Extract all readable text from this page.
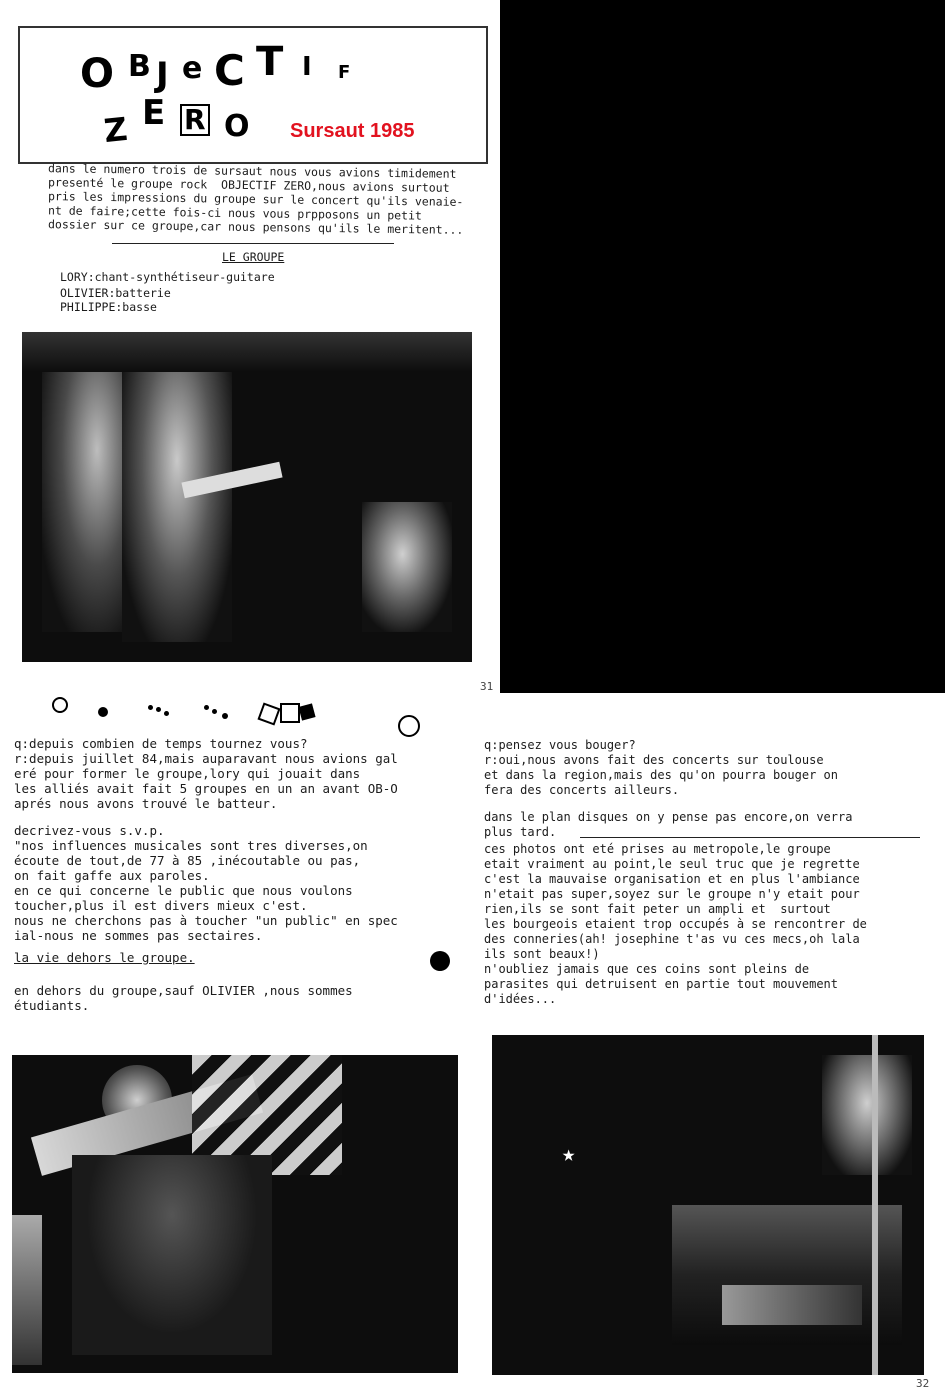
O B J e C T I F
Z E R O Sursaut 1985
dans le numero trois de sursaut nous vous avions timidement
presenté le groupe rock  OBJECTIF ZERO,nous avions surtout
pris les impressions du groupe sur le concert qu'ils venaie-
nt de faire;cette fois-ci nous vous prpposons un petit
dossier sur ce groupe,car nous pensons qu'ils le meritent...
LE GROUPE
LORY:chant-synthétiseur-guitare
OLIVIER:batterie
PHILIPPE:basse
31
q:depuis combien de temps tournez vous?
r:depuis juillet 84,mais auparavant nous avions gal
eré pour former le groupe,lory qui jouait dans
les alliés avait fait 5 groupes en un an avant OB-O
aprés nous avons trouvé le batteur.
decrivez-vous s.v.p.
"nos influences musicales sont tres diverses,on
écoute de tout,de 77 à 85 ,inécoutable ou pas,
on fait gaffe aux paroles.
en ce qui concerne le public que nous voulons
toucher,plus il est divers mieux c'est.
nous ne cherchons pas à toucher "un public" en spec
ial-nous ne sommes pas sectaires.
la vie dehors le groupe.
en dehors du groupe,sauf OLIVIER ,nous sommes
étudiants.
q:pensez vous bouger?
r:oui,nous avons fait des concerts sur toulouse
et dans la region,mais des qu'on pourra bouger on
fera des concerts ailleurs.
dans le plan disques on y pense pas encore,on verra
plus tard.
ces photos ont eté prises au metropole,le groupe
etait vraiment au point,le seul truc que je regrette
c'est la mauvaise organisation et en plus l'ambiance
n'etait pas super,soyez sur le groupe n'y etait pour
rien,ils se sont fait peter un ampli et  surtout
les bourgeois etaient trop occupés à se rencontrer de
des conneries(ah! josephine t'as vu ces mecs,oh lala
ils sont beaux!)
n'oubliez jamais que ces coins sont pleins de
parasites qui detruisent en partie tout mouvement
d'idées...
★
32
